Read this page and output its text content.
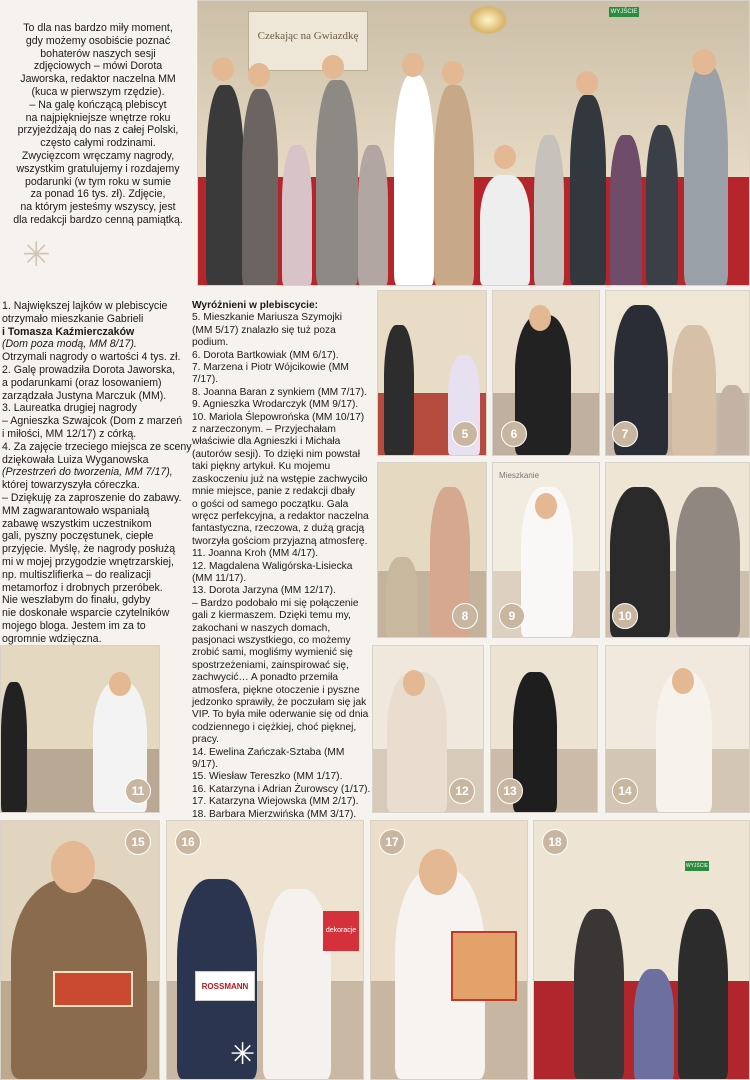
Czekając na Gwiazdkę
WYJŚCIE

To dla nas bardzo miły moment,

gdy możemy osobiście poznać

bohaterów naszych sesji

zdjęciowych – mówi Dorota

Jaworska, redaktor naczelna MM

(kuca w pierwszym rzędzie).

– Na galę kończącą plebiscyt

na najpiękniejsze wnętrze roku

przyjeżdżają do nas z całej Polski,

często całymi rodzinami.

Zwycięzcom wręczamy nagrody,

wszystkim gratulujemy i rozdajemy

podarunki (w tym roku w sumie

za ponad 16 tys. zł). Zdjęcie,

na którym jesteśmy wszyscy, jest

dla redakcji bardzo cenną pamiątką.

✳

1. Największej lajków w plebiscycie

otrzymało mieszkanie Gabrieli

i Tomasza Kaźmierczaków

(Dom poza modą, MM 8/17).

Otrzymali nagrody o wartości 4 tys. zł.

2. Galę prowadziła Dorota Jaworska,

a podarunkami (oraz losowaniem)

zarządzała Justyna Marczuk (MM).

3. Laureatka drugiej nagrody

– Agnieszka Szwajcok (Dom z marzeń

i miłości, MM 12/17) z córką.

4. Za zajęcie trzeciego miejsca ze sceny

dziękowała Luiza Wyganowska

(Przestrzeń do tworzenia, MM 7/17),

której towarzyszyła córeczka.

– Dziękuję za zaproszenie do zabawy.

MM zagwarantowało wspaniałą

zabawę wszystkim uczestnikom

gali, pyszny poczęstunek, ciepłe

przyjęcie. Myślę, że nagrody posłużą

mi w mojej przygodzie wnętrzarskiej,

np. multiszlifierka – do realizacji

metamorfoz i drobnych przeróbek.

Nie weszłabym do finału, gdyby

nie doskonałe wsparcie czytelników

mojego bloga. Jestem im za to

ogromnie wdzięczna.

Wyróżnieni w plebiscycie:

5. Mieszkanie Mariusza Szymojki

(MM 5/17) znalazło się tuż poza podium.

6. Dorota Bartkowiak (MM 6/17).

7. Marzena i Piotr Wójcikowie (MM 7/17).

8. Joanna Baran z synkiem (MM 7/17).

9. Agnieszka Wrodarczyk (MM 9/17).

10. Mariola Ślepowrońska (MM 10/17)

z narzeczonym. – Przyjechałam

właściwie dla Agnieszki i Michała

(autorów sesji). To dzięki nim powstał

taki piękny artykuł. Ku mojemu

zaskoczeniu już na wstępie zachwyciło

mnie miejsce, panie z redakcji dbały

o gości od samego początku. Gala

wręcz perfekcyjna, a redaktor naczelna

fantastyczna, rzeczowa, z dużą gracją

tworzyła gościom przyjazną atmosferę.

11. Joanna Kroh (MM 4/17).

12. Magdalena Waligórska-Lisiecka

(MM 11/17).

13. Dorota Jarzyna (MM 12/17).

– Bardzo podobało mi się połączenie

gali z kiermaszem. Dzięki temu my,

zakochani w naszych domach,

pasjonaci wszystkiego, co możemy

zrobić sami, mogliśmy wymienić się

spostrzeżeniami, zainspirować się,

zachwycić… A ponadto przemiła

atmosfera, piękne otoczenie i pyszne

jedzonko sprawiły, że poczułam się jak

VIP. To była miłe oderwanie się od dnia

codziennego i ciężkiej, choć pięknej, pracy.

14. Ewelina Zańczak-Sztaba (MM 9/17).

15. Wiesław Tereszko (MM 1/17).

16. Katarzyna i Adrian Żurowscy (1/17).

17. Katarzyna Wiejowska (MM 2/17).

18. Barbara Mierzwińska (MM 3/17).

5	6	7
8
Mieszkanie
9	10
11	12	13	14
15
ROSSMANN
dekoracje
16	17
WYJŚCIE
18
✳
